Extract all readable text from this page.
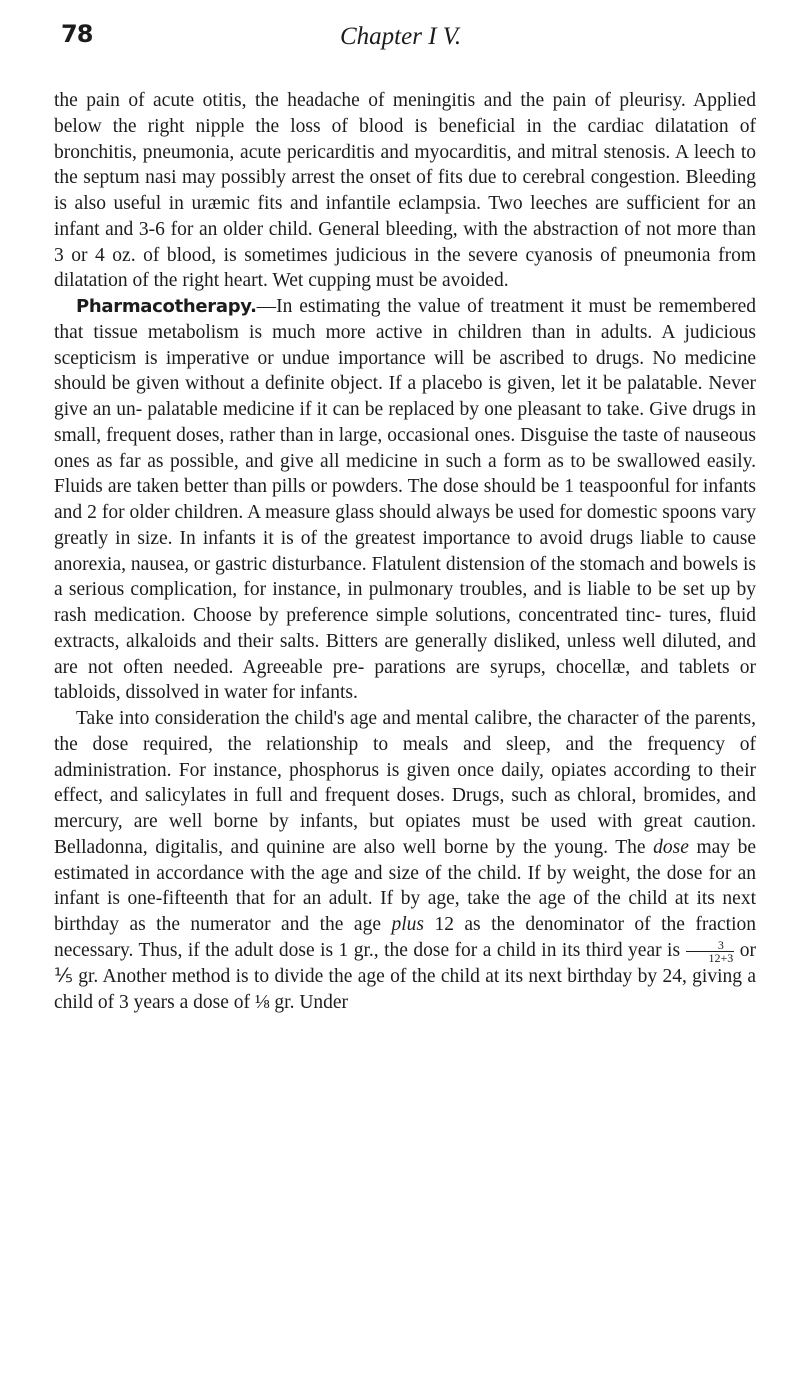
78	Chapter I V.

the pain of acute otitis, the headache of meningitis and the pain of pleurisy. Applied below the right nipple the loss of blood is beneficial in the cardiac dilatation of bronchitis, pneumonia, acute pericarditis and myocarditis, and mitral stenosis. A leech to the septum nasi may possibly arrest the onset of fits due to cerebral congestion. Bleeding is also useful in uræmic fits and infantile eclampsia. Two leeches are sufficient for an infant and 3-6 for an older child. General bleeding, with the abstraction of not more than 3 or 4 oz. of blood, is sometimes judicious in the severe cyanosis of pneumonia from dilatation of the right heart. Wet cupping must be avoided.

Pharmacotherapy.—In estimating the value of treatment it must be remembered that tissue metabolism is much more active in children than in adults. A judicious scepticism is imperative or undue importance will be ascribed to drugs. No medicine should be given without a definite object. If a placebo is given, let it be palatable. Never give an un- palatable medicine if it can be replaced by one pleasant to take. Give drugs in small, frequent doses, rather than in large, occasional ones. Disguise the taste of nauseous ones as far as possible, and give all medicine in such a form as to be swallowed easily. Fluids are taken better than pills or powders. The dose should be 1 teaspoonful for infants and 2 for older children. A measure glass should always be used for domestic spoons vary greatly in size. In infants it is of the greatest importance to avoid drugs liable to cause anorexia, nausea, or gastric disturbance. Flatulent distension of the stomach and bowels is a serious complication, for instance, in pulmonary troubles, and is liable to be set up by rash medication. Choose by preference simple solutions, concentrated tinc- tures, fluid extracts, alkaloids and their salts. Bitters are generally disliked, unless well diluted, and are not often needed. Agreeable pre- parations are syrups, chocellæ, and tablets or tabloids, dissolved in water for infants.

Take into consideration the child's age and mental calibre, the character of the parents, the dose required, the relationship to meals and sleep, and the frequency of administration. For instance, phosphorus is given once daily, opiates according to their effect, and salicylates in full and frequent doses. Drugs, such as chloral, bromides, and mercury, are well borne by infants, but opiates must be used with great caution. Belladonna, digitalis, and quinine are also well borne by the young. The dose may be estimated in accordance with the age and size of the child. If by weight, the dose for an infant is one-fifteenth that for an adult. If by age, take the age of the child at its next birthday as the numerator and the age plus 12 as the denominator of the fraction necessary. Thus, if the adult dose is 1 gr., the dose for a child in its third year is $\frac{3}{12+3}$ or ⅕ gr. Another method is to divide the age of the child at its next birthday by 24, giving a child of 3 years a dose of ⅛ gr. Under
